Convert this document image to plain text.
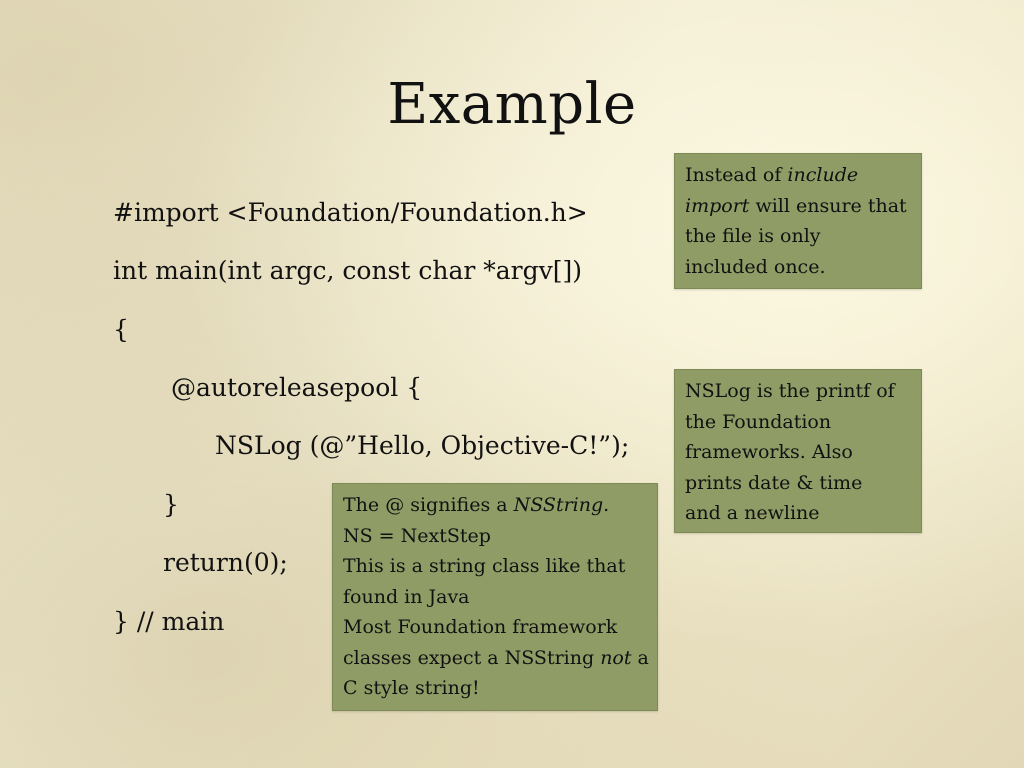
Example
#import <Foundation/Foundation.h>
int main(int argc, const char *argv[])
{
@autoreleasepool {
NSLog (@”Hello, Objective-C!”);
}
return(0);
} // main
Instead of include
import will ensure that
the file is only
included once.
NSLog is the printf of
the Foundation
frameworks. Also
prints date & time
and a newline
The @ signifies a NSString.
NS = NextStep
This is a string class like that
found in Java
Most Foundation framework
classes expect a NSString not a
C style string!
